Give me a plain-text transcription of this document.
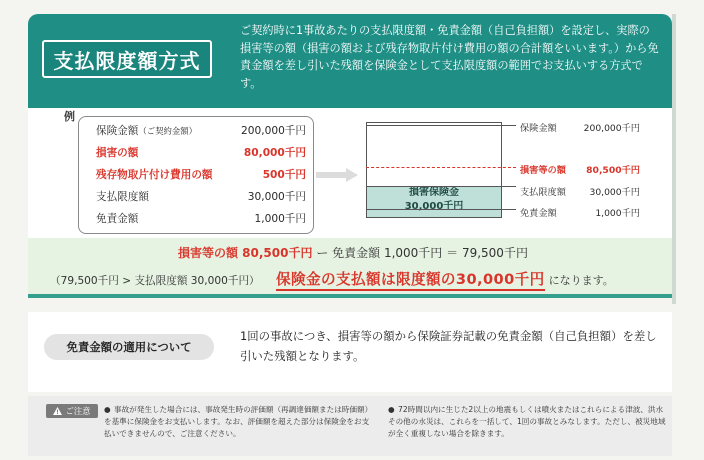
支払限度額方式
ご契約時に1事故あたりの支払限度額・免責金額（自己負担額）を設定し、実際の損害等の額（損害の額および残存物取片付け費用の額の合計額をいいます。）から免責金額を差し引いた残額を保険金として支払限度額の範囲でお支払いする方式です。
例
保険金額（ご契約金額）	200,000千円
損害の額	80,000千円
残存物取片付け費用の額	500千円
支払限度額	30,000千円
免責金額	1,000千円
損害保険金
30,000千円
保険金額	200,000千円
損害等の額 80,500千円
支払限度額	30,000千円
免責金額	1,000千円
損害等の額 80,500千円 ー 免責金額 1,000千円 ＝ 79,500千円
（79,500千円 > 支払限度額 30,000千円）	保険金の支払額は限度額の30,000千円 になります。
免責金額の適用について
1回の事故につき、損害等の額から保険証券記載の免責金額（自己負担額）を差し引いた残額となります。
ご注意 ● 事故が発生した場合には、事故発生時の評価額（再調達価額または時価額）を基準に保険金をお支払いします。なお、評価額を超えた部分は保険金をお支払いできませんので、ご注意ください。
● 72時間以内に生じた2以上の地震もしくは噴火またはこれらによる津波、洪水その他の水災は、これらを一括して、1回の事故とみなします。ただし、被災地域が全く重複しない場合を除きます。
